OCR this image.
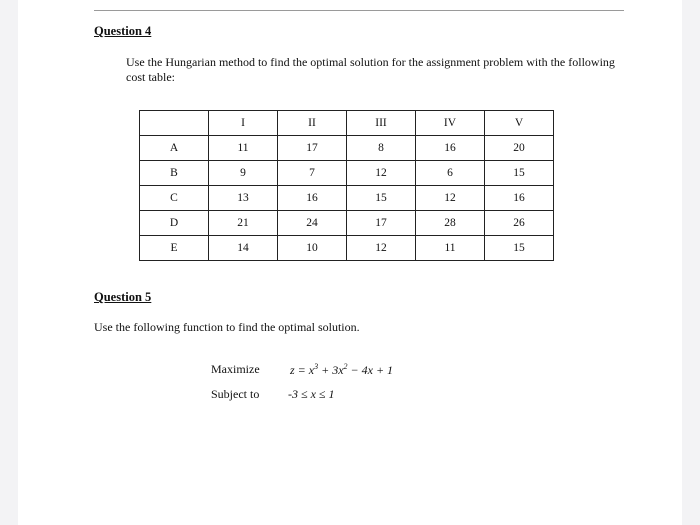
Question 4
Use the Hungarian method to find the optimal solution for the assignment problem with the following cost table:
	I	II	III	IV	V
A	11	17	8	16	20
B	9	7	12	6	15
C	13	16	15	12	16
D	21	24	17	28	26
E	14	10	12	11	15
Question 5
Use the following function to find the optimal solution.
Maximize	$z = x^3 + 3x^2 - 4x + 1$
Subject to -3 ≤ x ≤ 1
